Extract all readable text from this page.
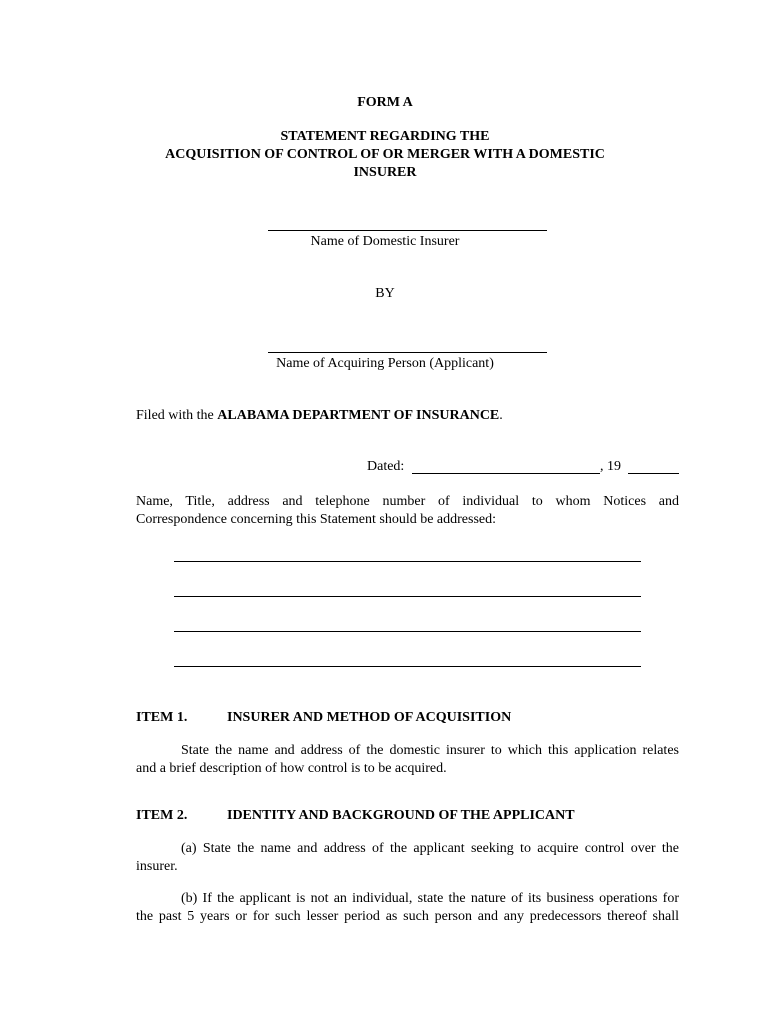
FORM A
STATEMENT REGARDING THE
ACQUISITION OF CONTROL OF OR MERGER WITH A DOMESTIC
INSURER
Name of Domestic Insurer
BY
Name of Acquiring Person (Applicant)
Filed with the ALABAMA DEPARTMENT OF INSURANCE.
Dated:	, 19
Name, Title, address and telephone number of individual to whom Notices and
Correspondence concerning this Statement should be addressed:
ITEM 1.	INSURER AND METHOD OF ACQUISITION
State the name and address of the domestic insurer to which this application relates
and a brief description of how control is to be acquired.
ITEM 2.	IDENTITY AND BACKGROUND OF THE APPLICANT
(a) State the name and address of the applicant seeking to acquire control over the
insurer.
(b) If the applicant is not an individual, state the nature of its business operations for
the past 5 years or for such lesser period as such person and any predecessors thereof shall
